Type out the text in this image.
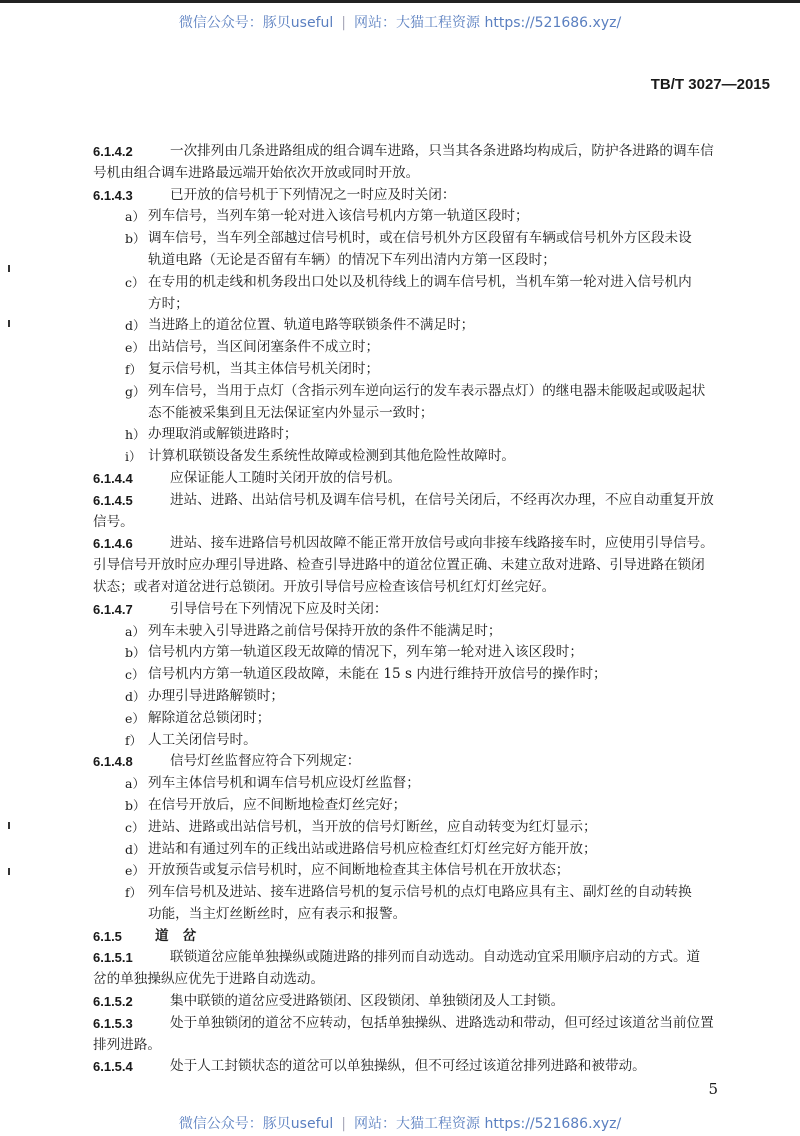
微信公众号：豚贝useful | 网站：大猫工程资源 https://521686.xyz/
TB/T 3027—2015
6.1.4.2	一次排列由几条进路组成的组合调车进路，只当其各条进路均构成后，防护各进路的调车信
号机由组合调车进路最远端开始依次开放或同时开放。
6.1.4.3	已开放的信号机于下列情况之一时应及时关闭：
a） 列车信号，当列车第一轮对进入该信号机内方第一轨道区段时；
b） 调车信号，当车列全部越过信号机时，或在信号机外方区段留有车辆或信号机外方区段未设
轨道电路（无论是否留有车辆）的情况下车列出清内方第一区段时；
c） 在专用的机走线和机务段出口处以及机待线上的调车信号机，当机车第一轮对进入信号机内
方时；
d） 当进路上的道岔位置、轨道电路等联锁条件不满足时；
e） 出站信号，当区间闭塞条件不成立时；
f） 复示信号机，当其主体信号机关闭时；
g） 列车信号，当用于点灯（含指示列车逆向运行的发车表示器点灯）的继电器未能吸起或吸起状
态不能被采集到且无法保证室内外显示一致时；
h） 办理取消或解锁进路时；
i） 计算机联锁设备发生系统性故障或检测到其他危险性故障时。
6.1.4.4	应保证能人工随时关闭开放的信号机。
6.1.4.5	进站、进路、出站信号机及调车信号机，在信号关闭后，不经再次办理，不应自动重复开放
信号。
6.1.4.6	进站、接车进路信号机因故障不能正常开放信号或向非接车线路接车时，应使用引导信号。
引导信号开放时应办理引导进路、检查引导进路中的道岔位置正确、未建立敌对进路、引导进路在锁闭
状态；或者对道岔进行总锁闭。开放引导信号应检查该信号机红灯灯丝完好。
6.1.4.7	引导信号在下列情况下应及时关闭：
a） 列车未驶入引导进路之前信号保持开放的条件不能满足时；
b） 信号机内方第一轨道区段无故障的情况下，列车第一轮对进入该区段时；
c） 信号机内方第一轨道区段故障，未能在 15 s 内进行维持开放信号的操作时；
d） 办理引导进路解锁时；
e） 解除道岔总锁闭时；
f） 人工关闭信号时。
6.1.4.8	信号灯丝监督应符合下列规定：
a） 列车主体信号机和调车信号机应设灯丝监督；
b） 在信号开放后，应不间断地检查灯丝完好；
c） 进站、进路或出站信号机，当开放的信号灯断丝，应自动转变为红灯显示；
d） 进站和有通过列车的正线出站或进路信号机应检查红灯灯丝完好方能开放；
e） 开放预告或复示信号机时，应不间断地检查其主体信号机在开放状态；
f） 列车信号机及进站、接车进路信号机的复示信号机的点灯电路应具有主、副灯丝的自动转换
功能，当主灯丝断丝时，应有表示和报警。
6.1.5 道岔
6.1.5.1	联锁道岔应能单独操纵或随进路的排列而自动选动。自动选动宜采用顺序启动的方式。道
岔的单独操纵应优先于进路自动选动。
6.1.5.2	集中联锁的道岔应受进路锁闭、区段锁闭、单独锁闭及人工封锁。
6.1.5.3	处于单独锁闭的道岔不应转动，包括单独操纵、进路选动和带动，但可经过该道岔当前位置
排列进路。
6.1.5.4	处于人工封锁状态的道岔可以单独操纵，但不可经过该道岔排列进路和被带动。
5
微信公众号：豚贝useful | 网站：大猫工程资源 https://521686.xyz/
